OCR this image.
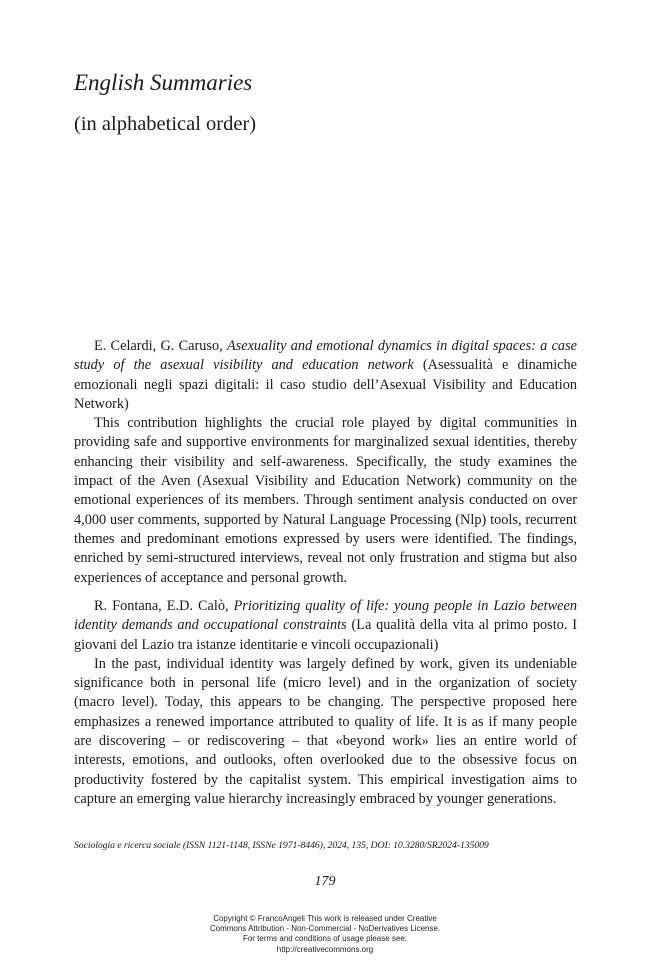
English Summaries
(in alphabetical order)

E. Celardi, G. Caruso, Asexuality and emotional dynamics in digital spaces: a case study of the asexual visibility and education network (Asessualità e dinamiche emozionali negli spazi digitali: il caso studio dell’Asexual Visibility and Education Network)

This contribution highlights the crucial role played by digital communities in providing safe and supportive environments for marginalized sexual identities, thereby enhancing their visibility and self-awareness. Specifically, the study examines the impact of the Aven (Asexual Visibility and Education Network) community on the emotional experiences of its members. Through sentiment analysis conducted on over 4,000 user comments, supported by Natural Language Processing (Nlp) tools, recurrent themes and predominant emotions expressed by users were identified. The findings, enriched by semi-structured interviews, reveal not only frustration and stigma but also experiences of acceptance and personal growth.

R. Fontana, E.D. Calò, Prioritizing quality of life: young people in Lazio between identity demands and occupational constraints (La qualità della vita al primo posto. I giovani del Lazio tra istanze identitarie e vincoli occupazionali)

In the past, individual identity was largely defined by work, given its undeniable significance both in personal life (micro level) and in the organization of society (macro level). Today, this appears to be changing. The perspective proposed here emphasizes a renewed importance attributed to quality of life. It is as if many people are discovering – or rediscovering – that «beyond work» lies an entire world of interests, emotions, and outlooks, often overlooked due to the obsessive focus on productivity fostered by the capitalist system. This empirical investigation aims to capture an emerging value hierarchy increasingly embraced by younger generations.

Sociologia e ricerca sociale (ISSN 1121-1148, ISSNe 1971-8446), 2024, 135, DOI: 10.3280/SR2024-135009
179
Copyright © FrancoAngeli This work is released under Creative
Commons Attribution - Non-Commercial - NoDerivatives License.
For terms and conditions of usage please see:
http://creativecommons.org
